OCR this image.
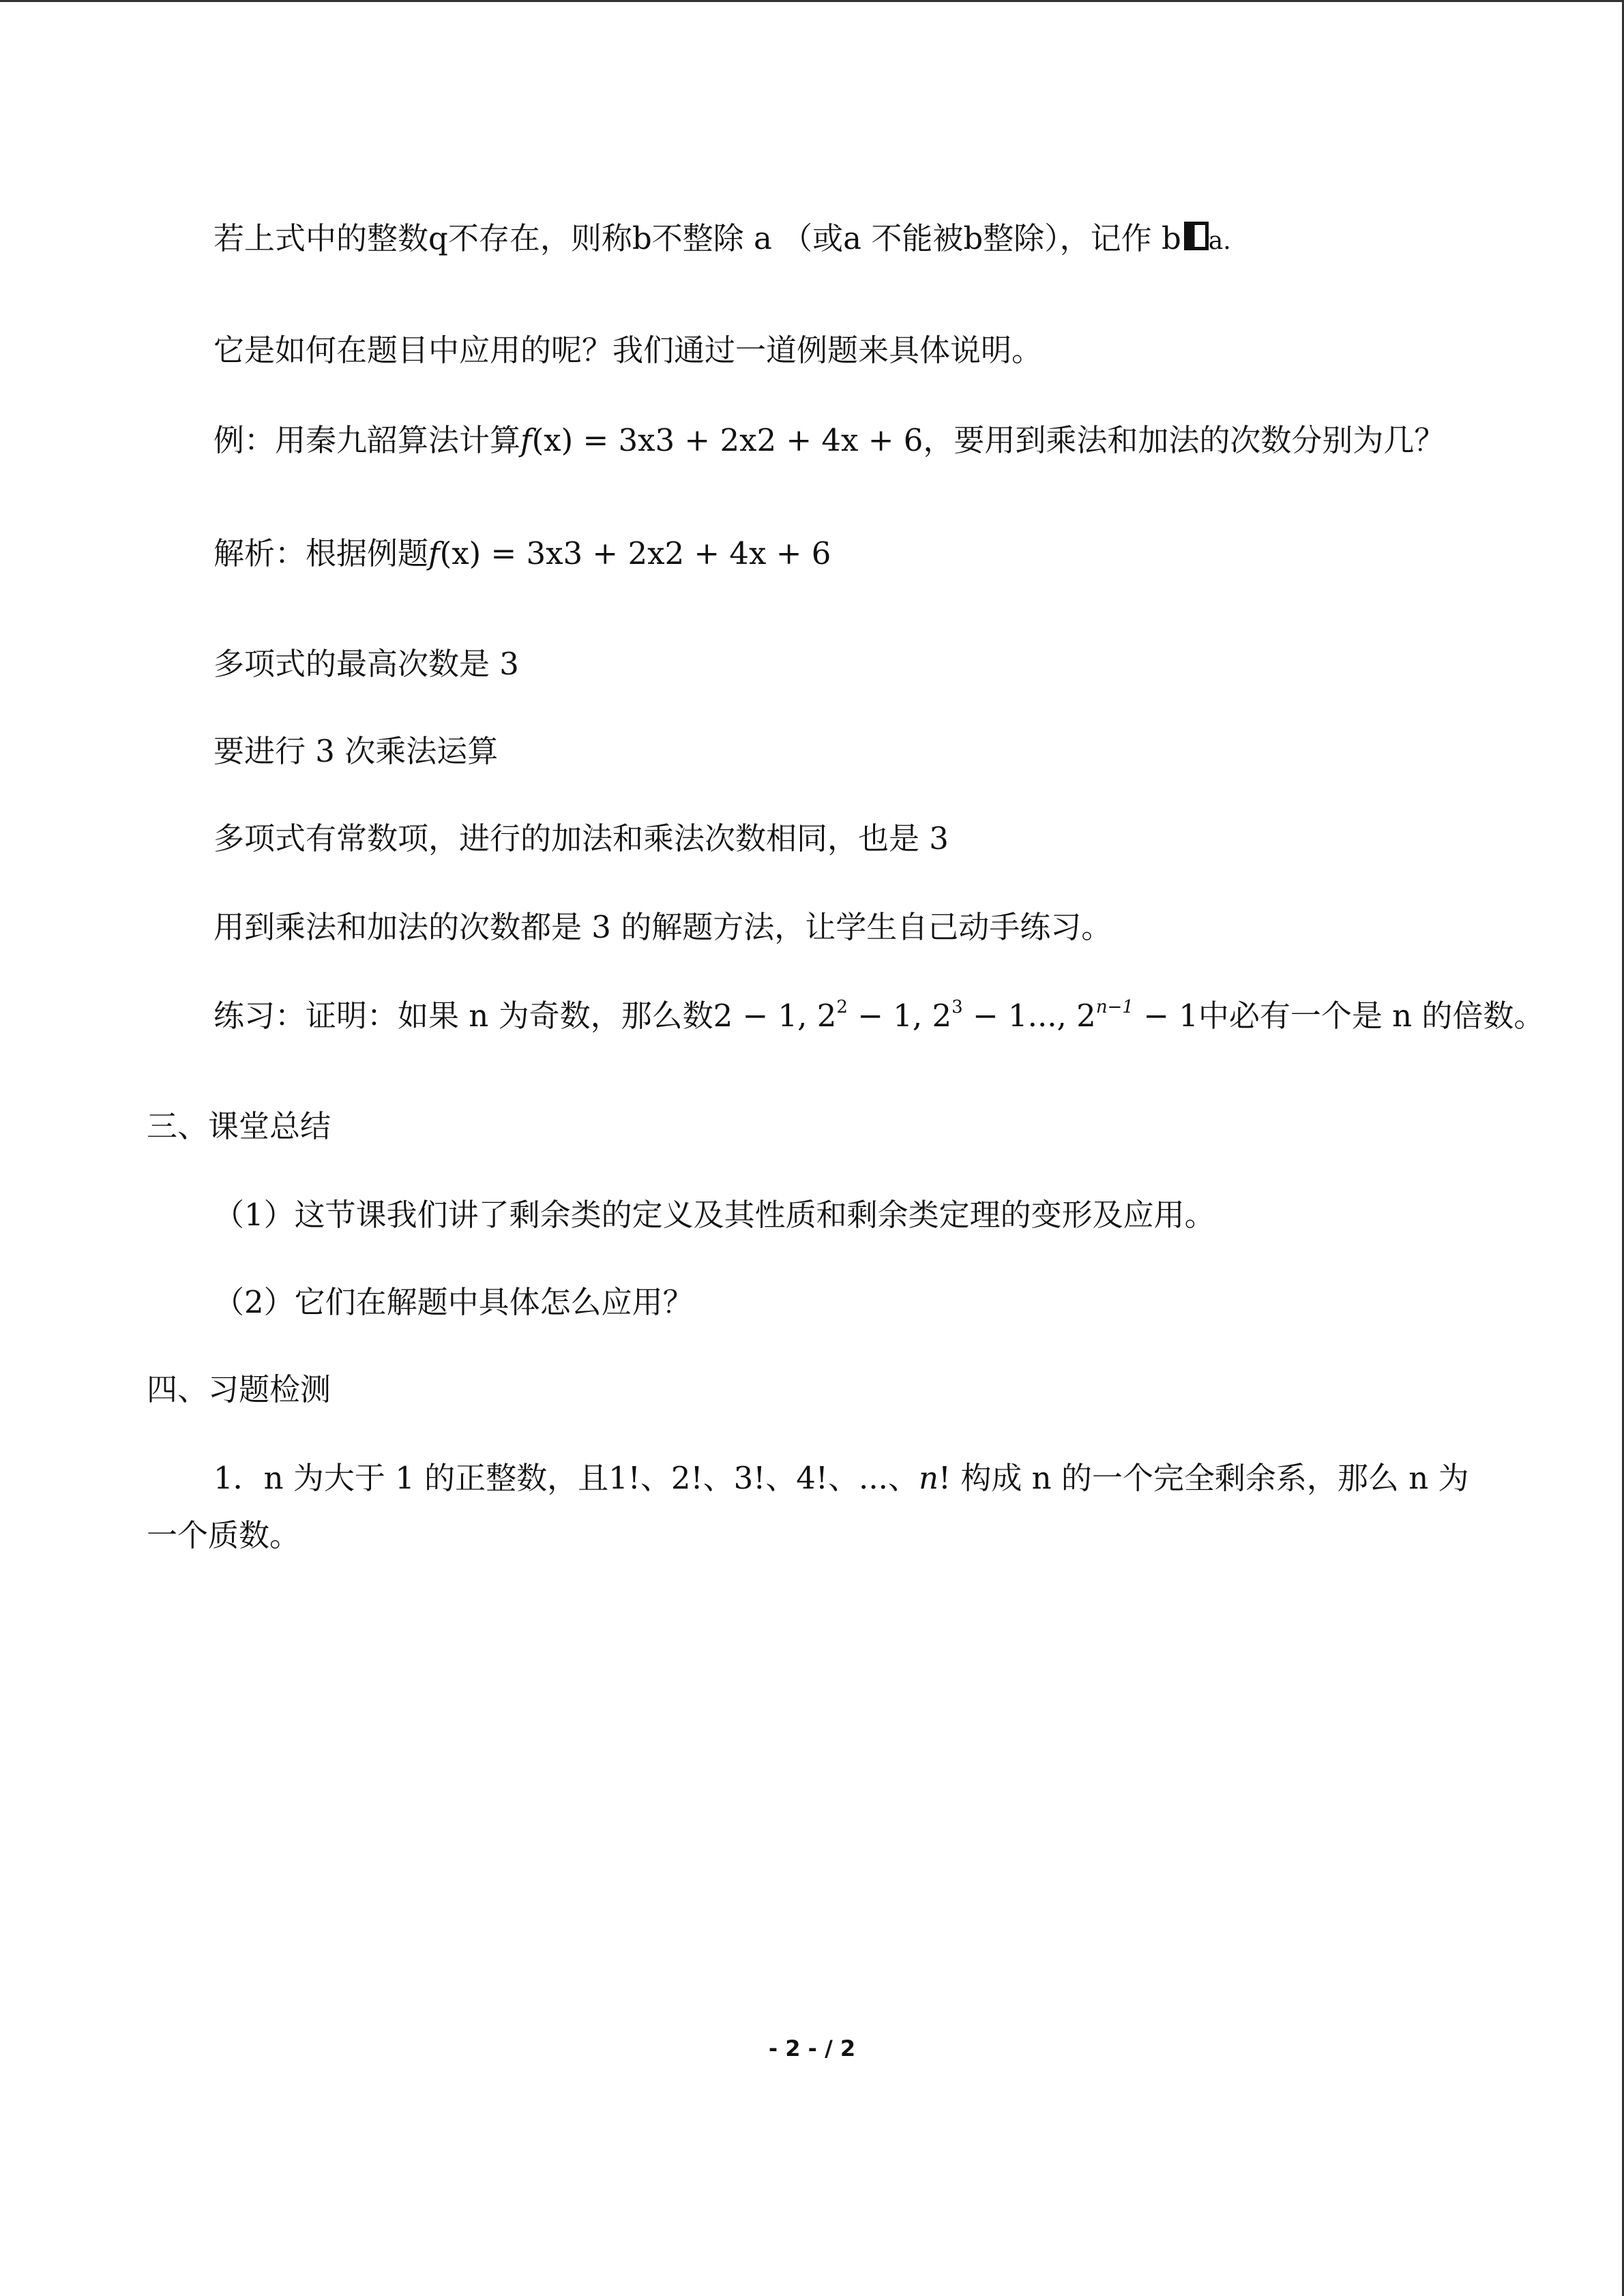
若上式中的整数q不存在，则称b不整除 a （或a 不能被b整除），记作 b a.
它是如何在题目中应用的呢？我们通过一道例题来具体说明。
例：用秦九韶算法计算f(x) = 3x3 + 2x2 + 4x + 6，要用到乘法和加法的次数分别为几？
解析：根据例题f(x) = 3x3 + 2x2 + 4x + 6
多项式的最高次数是 3
要进行 3 次乘法运算
多项式有常数项，进行的加法和乘法次数相同，也是 3
用到乘法和加法的次数都是 3 的解题方法，让学生自己动手练习。
练习：证明：如果 n 为奇数，那么数2 − 1, $2^2 - 1$, $2^3 - 1$..., $2^{n-1} - 1$中必有一个是 n 的倍数。
三、课堂总结
（1）这节课我们讲了剩余类的定义及其性质和剩余类定理的变形及应用。
（2）它们在解题中具体怎么应用？
四、习题检测
1．n 为大于 1 的正整数，且1!、2!、3!、4!、...、n! 构成 n 的一个完全剩余系，那么 n 为
一个质数。
- 2 - / 2
